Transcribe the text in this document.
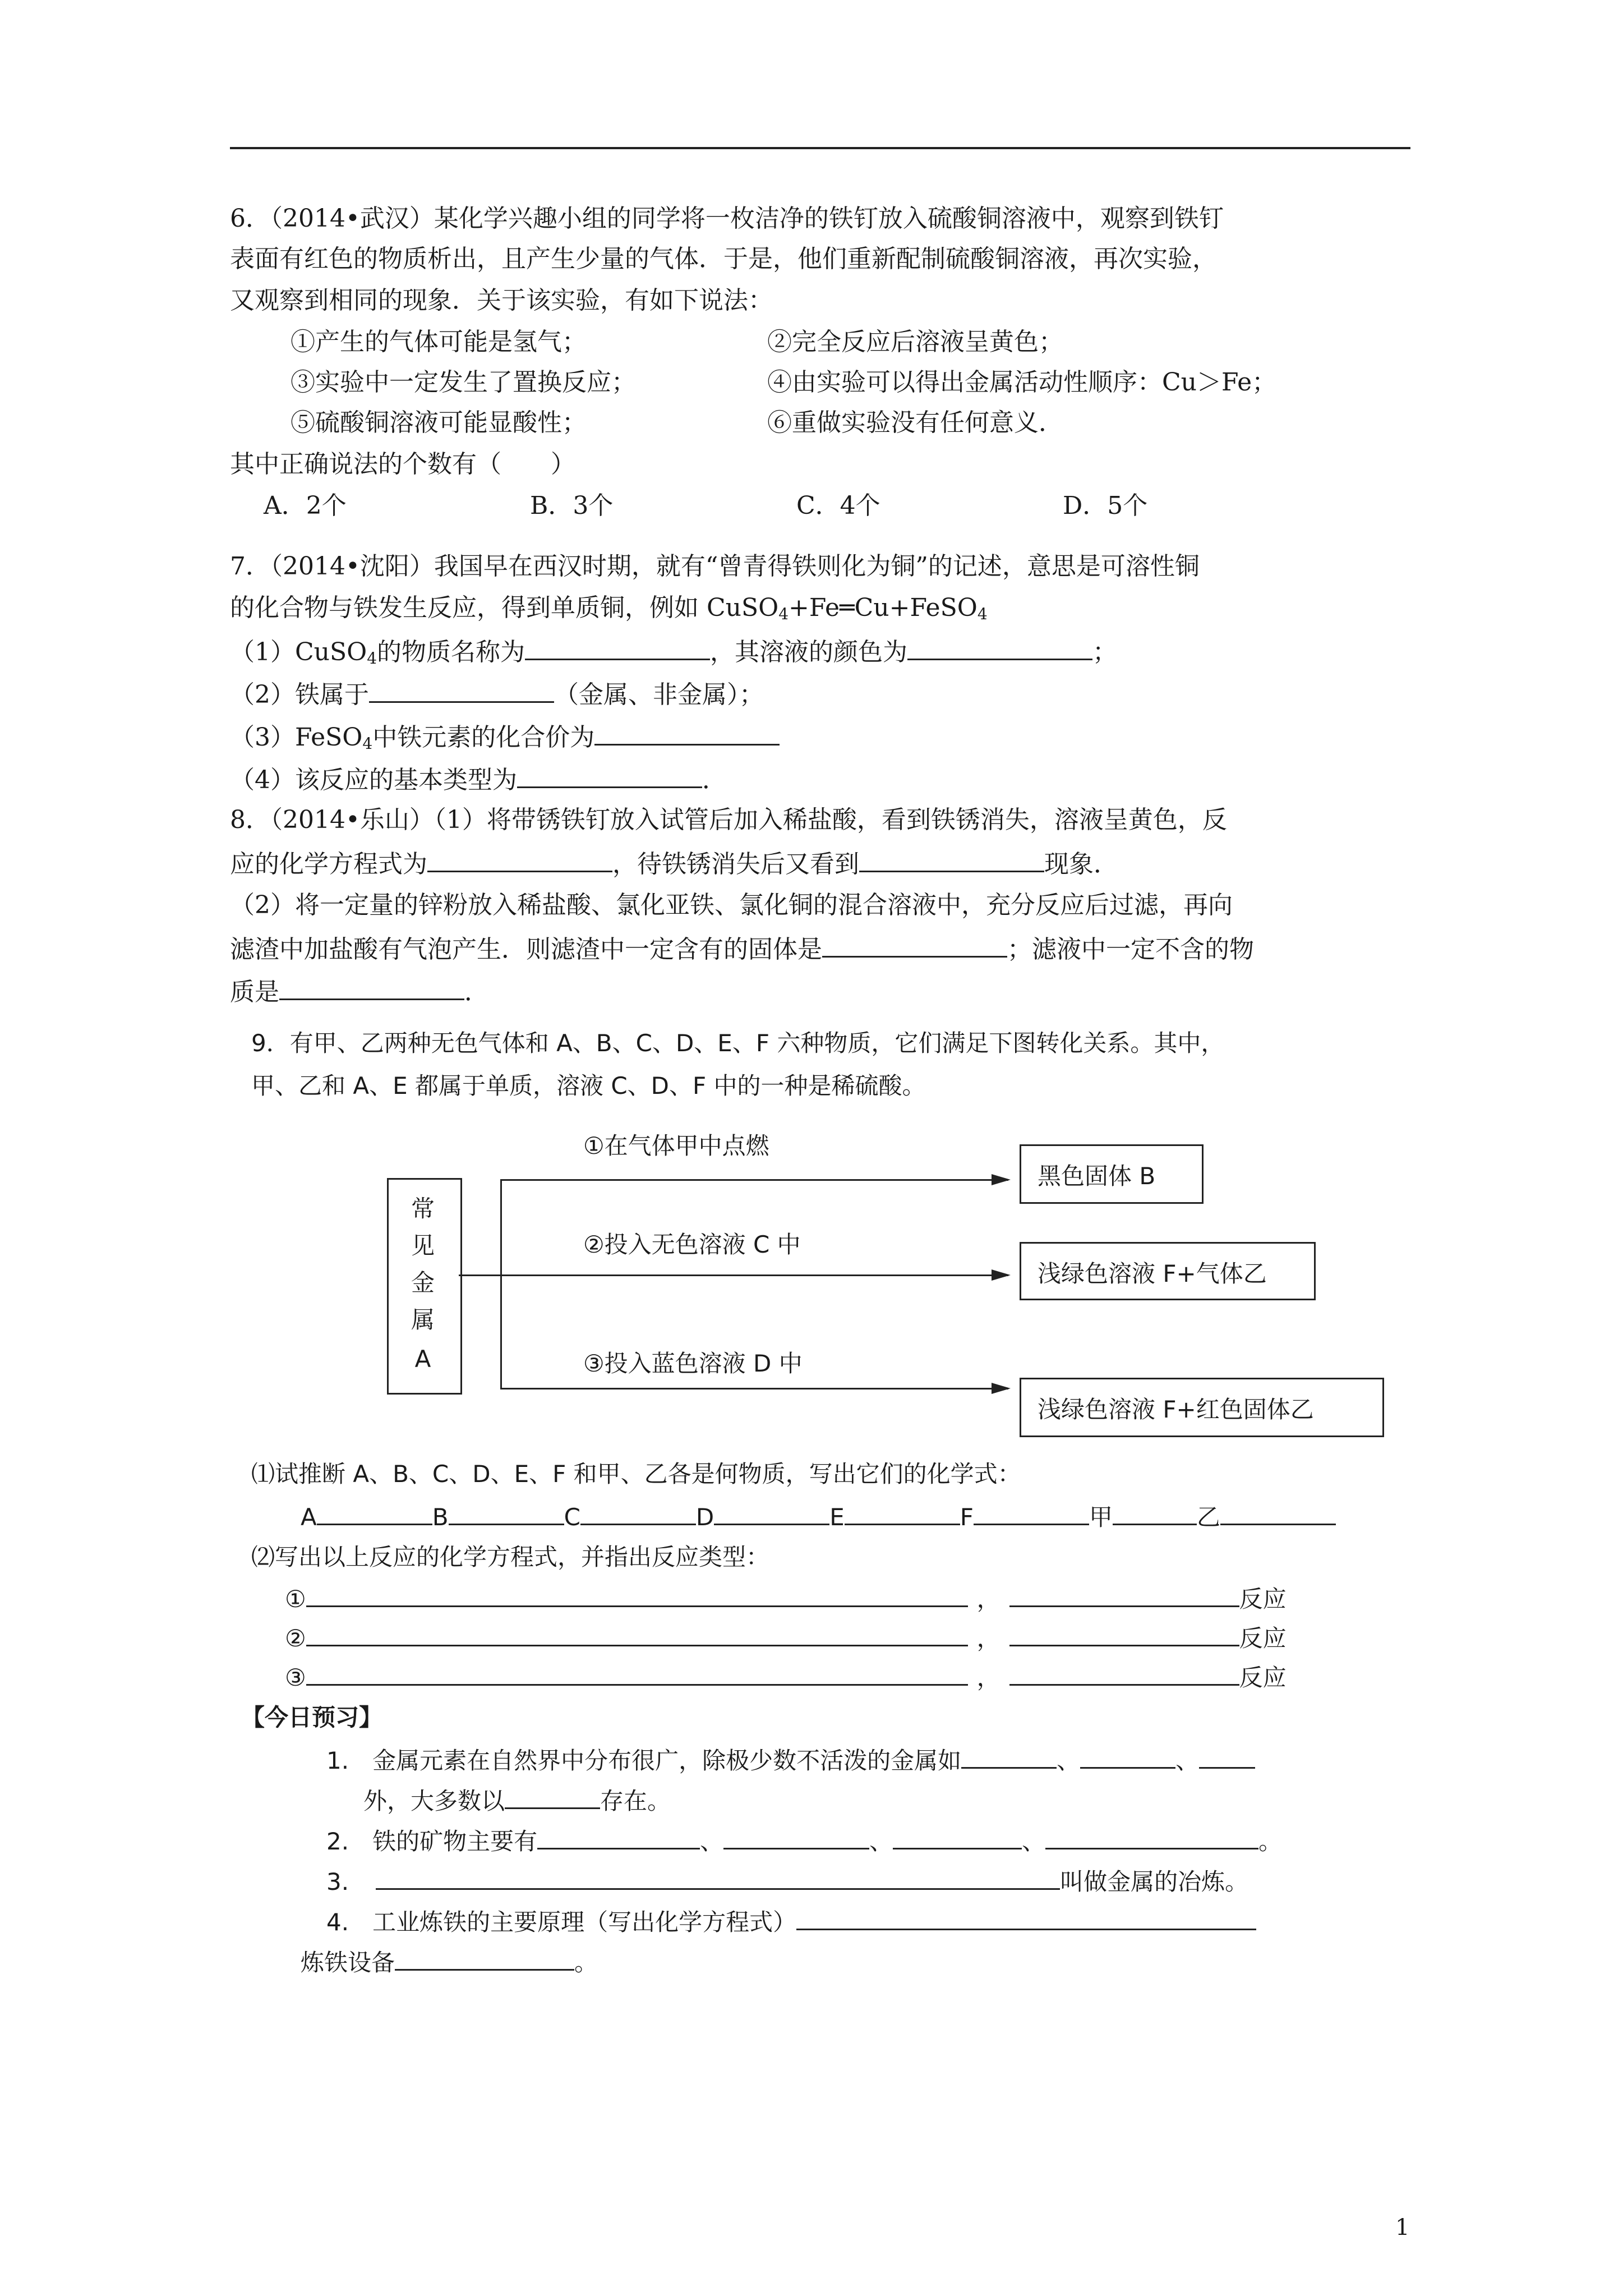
6．（2014•武汉）某化学兴趣小组的同学将一枚洁净的铁钉放入硫酸铜溶液中，观察到铁钉
表面有红色的物质析出，且产生少量的气体．于是，他们重新配制硫酸铜溶液，再次实验，
又观察到相同的现象．关于该实验，有如下说法：
①产生的气体可能是氢气；	②完全反应后溶液呈黄色；
③实验中一定发生了置换反应；	④由实验可以得出金属活动性顺序：Cu＞Fe；
⑤硫酸铜溶液可能显酸性；	⑥重做实验没有任何意义．
其中正确说法的个数有（　　）
A．2个	B．3个	C．4个	D．5个
7．（2014•沈阳）我国早在西汉时期，就有“曾青得铁则化为铜”的记述，意思是可溶性铜
的化合物与铁发生反应，得到单质铜，例如 CuSO$_4$+Fe═Cu+FeSO$_4$
（1）CuSO$_4$的物质名称为	，其溶液的颜色为	；
（2）铁属于	（金属、非金属）；
（3）FeSO$_4$中铁元素的化合价为
（4）该反应的基本类型为	．
8．（2014•乐山）（1）将带锈铁钉放入试管后加入稀盐酸，看到铁锈消失，溶液呈黄色，反
应的化学方程式为	，待铁锈消失后又看到	现象．
（2）将一定量的锌粉放入稀盐酸、氯化亚铁、氯化铜的混合溶液中，充分反应后过滤，再向
滤渣中加盐酸有气泡产生．则滤渣中一定含有的固体是	；滤液中一定不含的物
质是	．
9．有甲、乙两种无色气体和 A、B、C、D、E、F 六种物质，它们满足下图转化关系。其中，
甲、乙和 A、E 都属于单质，溶液 C、D、F 中的一种是稀硫酸。
常
见
金
属
A
①在气体甲中点燃
②投入无色溶液 C 中
③投入蓝色溶液 D 中
黑色固体 B
浅绿色溶液 F+气体乙
浅绿色溶液 F+红色固体乙
⑴试推断 A、B、C、D、E、F 和甲、乙各是何物质，写出它们的化学式：
A	B	C	D	E	F	甲	乙
⑵写出以上反应的化学方程式，并指出反应类型：
①	，	反应
②	，	反应
③	，	反应
【今日预习】
1.　金属元素在自然界中分布很广，除极少数不活泼的金属如	、	、
外，大多数以	存在。
2.　铁的矿物主要有	、	、	、	。
3.	叫做金属的冶炼。
4.　工业炼铁的主要原理（写出化学方程式）
炼铁设备	。
1
